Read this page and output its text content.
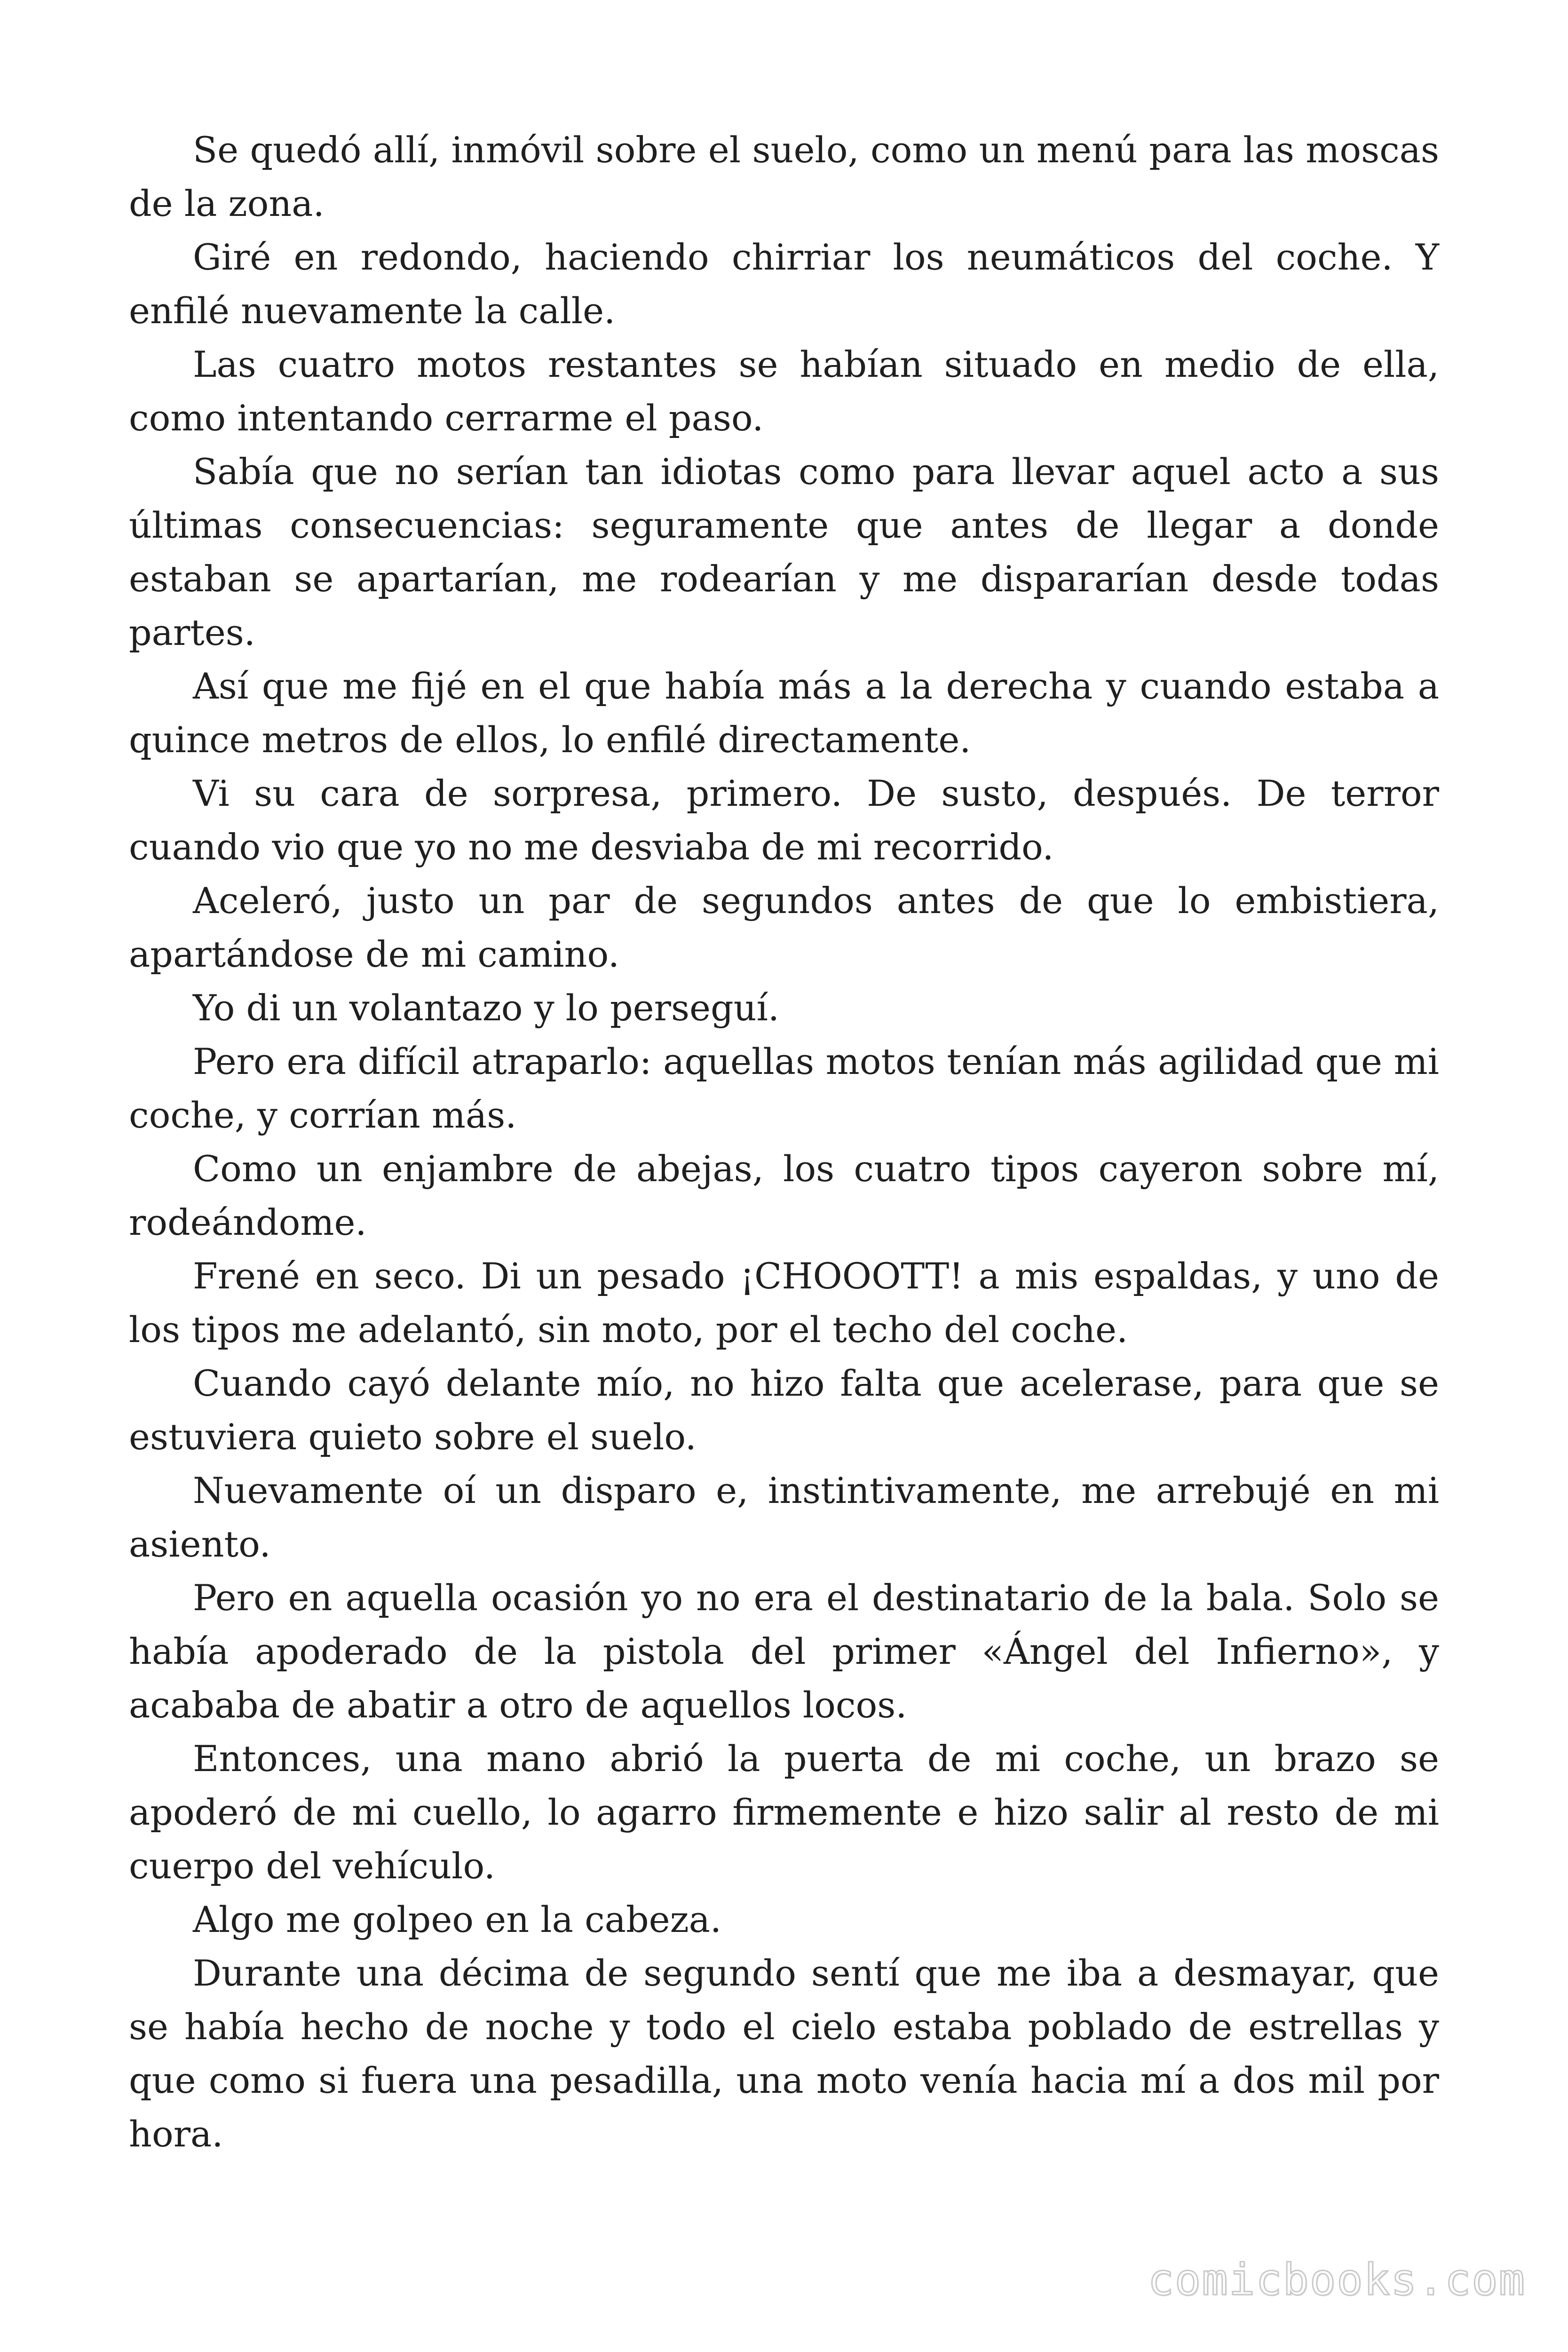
Se quedó allí, inmóvil sobre el suelo, como un menú para las moscas de la zona.

Giré en redondo, haciendo chirriar los neumáticos del coche. Y enfilé nuevamente la calle.

Las cuatro motos restantes se habían situado en medio de ella, como intentando cerrarme el paso.

Sabía que no serían tan idiotas como para llevar aquel acto a sus últimas consecuencias: seguramente que antes de llegar a donde estaban se apartarían, me rodearían y me dispararían desde todas partes.

Así que me fijé en el que había más a la derecha y cuando estaba a quince metros de ellos, lo enfilé directamente.

Vi su cara de sorpresa, primero. De susto, después. De terror cuando vio que yo no me desviaba de mi recorrido.

Aceleró, justo un par de segundos antes de que lo embistiera, apartándose de mi camino.

Yo di un volantazo y lo perseguí.

Pero era difícil atraparlo: aquellas motos tenían más agilidad que mi coche, y corrían más.

Como un enjambre de abejas, los cuatro tipos cayeron sobre mí, rodeándome.

Frené en seco. Di un pesado ¡CHOOOTT! a mis espaldas, y uno de los tipos me adelantó, sin moto, por el techo del coche.

Cuando cayó delante mío, no hizo falta que acelerase, para que se estuviera quieto sobre el suelo.

Nuevamente oí un disparo e, instintivamente, me arrebujé en mi asiento.

Pero en aquella ocasión yo no era el destinatario de la bala. Solo se había apoderado de la pistola del primer «Ángel del Infierno», y acababa de abatir a otro de aquellos locos.

Entonces, una mano abrió la puerta de mi coche, un brazo se apoderó de mi cuello, lo agarro firmemente e hizo salir al resto de mi cuerpo del vehículo.

Algo me golpeo en la cabeza.

Durante una décima de segundo sentí que me iba a desmayar, que se había hecho de noche y todo el cielo estaba poblado de estrellas y que como si fuera una pesadilla, una moto venía hacia mí a dos mil por hora.

comicbooks.com
